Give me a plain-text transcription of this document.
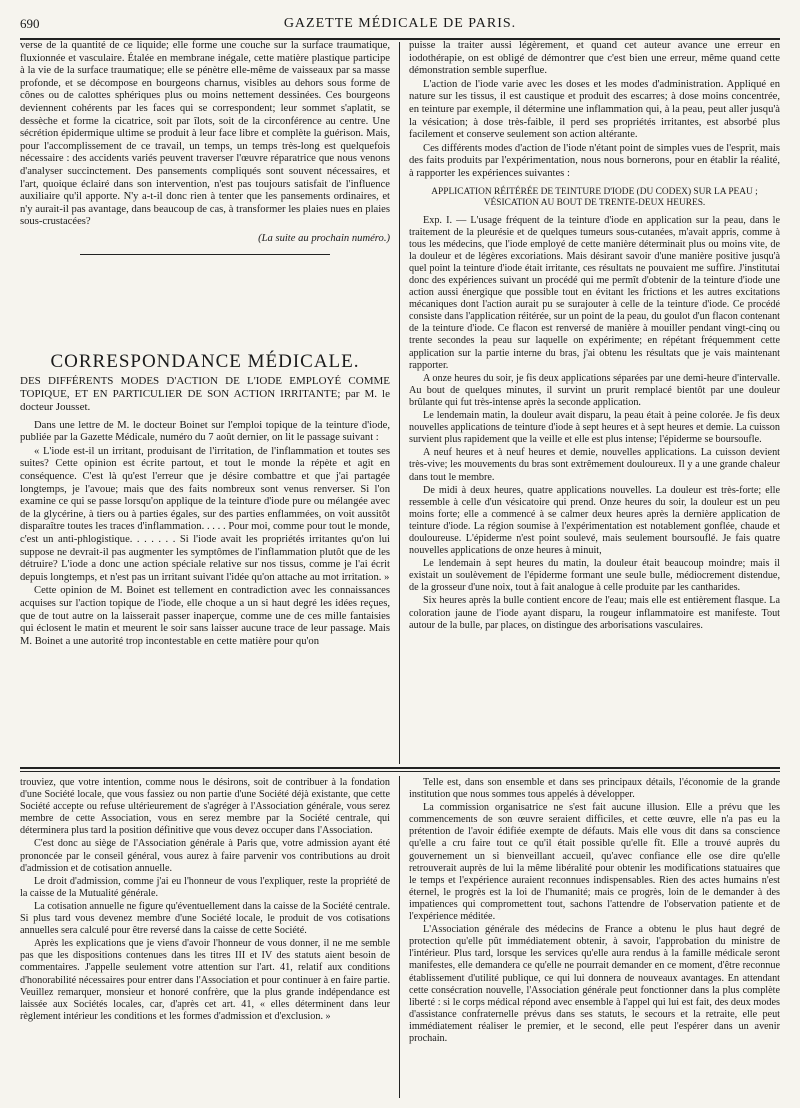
690	GAZETTE MÉDICALE DE PARIS.

verse de la quantité de ce liquide; elle forme une couche sur la surface traumatique, fluxionnée et vasculaire. Étalée en membrane inégale, cette matière plastique participe à la vie de la surface traumatique; elle se pénètre elle-même de vaisseaux par sa masse profonde, et se décompose en bourgeons charnus, visibles au dehors sous forme de cônes ou de calottes sphériques plus ou moins nettement dessinées. Ces bourgeons deviennent cohérents par les faces qui se correspondent; leur sommet s'aplatit, se dessèche et forme la cicatrice, soit par îlots, soit de la circonférence au centre. Une sécrétion épidermique ultime se produit à leur face libre et complète la guérison. Mais, pour l'accomplissement de ce travail, un temps, un temps très-long est quelquefois nécessaire : des accidents variés peuvent traverser l'œuvre réparatrice que nous venons d'analyser succinctement. Des pansements compliqués sont souvent nécessaires, et l'art, quoique éclairé dans son intervention, n'est pas toujours satisfait de l'influence auxiliaire qu'il apporte. N'y a-t-il donc rien à tenter que les pansements ordinaires, et n'y aurait-il pas avantage, dans beaucoup de cas, à transformer les plaies nues en plaies sous-crustacées?

(La suite au prochain numéro.)
CORRESPONDANCE MÉDICALE.
DES DIFFÉRENTS MODES D'ACTION DE L'IODE EMPLOYÉ COMME TOPIQUE, ET EN PARTICULIER DE SON ACTION IRRITANTE; par M. le docteur Jousset.

Dans une lettre de M. le docteur Boinet sur l'emploi topique de la teinture d'iode, publiée par la Gazette Médicale, numéro du 7 août dernier, on lit le passage suivant :

« L'iode est-il un irritant, produisant de l'irritation, de l'inflammation et toutes ses suites? Cette opinion est écrite partout, et tout le monde la répète et agit en conséquence. C'est là qu'est l'erreur que je désire combattre et que j'ai partagée longtemps, je l'avoue; mais que des faits nombreux sont venus renverser. Si l'on examine ce qui se passe lorsqu'on applique de la teinture d'iode pure ou mélangée avec de la glycérine, à tiers ou à parties égales, sur des parties enflammées, on voit aussitôt disparaître toutes les traces d'inflammation. . . . . Pour moi, comme pour tout le monde, c'est un anti-phlogistique. . . . . . . Si l'iode avait les propriétés irritantes qu'on lui suppose ne devrait-il pas augmenter les symptômes de l'inflammation plutôt que de les détruire? L'iode a donc une action spéciale relative sur nos tissus, comme je l'ai écrit depuis longtemps, et n'est pas un irritant suivant l'idée qu'on attache au mot irritation. »

Cette opinion de M. Boinet est tellement en contradiction avec les connaissances acquises sur l'action topique de l'iode, elle choque a un si haut degré les idées reçues, que de tout autre on la laisserait passer inaperçue, comme une de ces mille fantaisies qui éclosent le matin et meurent le soir sans laisser aucune trace de leur passage. Mais M. Boinet a une autorité trop incontestable en cette matière pour qu'on

puisse la traiter aussi légèrement, et quand cet auteur avance une erreur en iodothérapie, on est obligé de démontrer que c'est bien une erreur, même quand cette démonstration semble superflue.

L'action de l'iode varie avec les doses et les modes d'administration. Appliqué en nature sur les tissus, il est caustique et produit des escarres; à dose moins concentrée, en teinture par exemple, il détermine une inflammation qui, à la peau, peut aller jusqu'à la vésication; à dose très-faible, il perd ses propriétés irritantes, est absorbé plus facilement et conserve seulement son action altérante.

Ces différents modes d'action de l'iode n'étant point de simples vues de l'esprit, mais des faits produits par l'expérimentation, nous nous bornerons, pour en établir la réalité, à rapporter les expériences suivantes :

APPLICATION RÉITÉRÉE DE TEINTURE D'IODE (DU CODEX) SUR LA PEAU ; VÉSICATION AU BOUT DE TRENTE-DEUX HEURES.

Exp. I. — L'usage fréquent de la teinture d'iode en application sur la peau, dans le traitement de la pleurésie et de quelques tumeurs sous-cutanées, m'avait appris, comme à tous les médecins, que l'iode employé de cette manière déterminait plus ou moins vite, de la douleur et de légères excoriations. Mais désirant savoir d'une manière positive jusqu'à quel point la teinture d'iode était irritante, ces résultats ne pouvaient me suffire. J'institutai donc des expériences suivant un procédé qui me permît d'obtenir de la teinture d'iode une action aussi énergique que possible tout en évitant les frictions et les autres excitations mécaniques dont l'action aurait pu se surajouter à celle de la teinture d'iode. Ce procédé consiste dans l'application réitérée, sur un point de la peau, du goulot d'un flacon contenant de la teinture d'iode. Ce flacon est renversé de manière à mouiller pendant vingt-cinq ou trente secondes la peau sur laquelle on expérimente; en répétant fréquemment cette application sur la partie interne du bras, j'ai obtenu les résultats que je vais maintenant rapporter.

A onze heures du soir, je fis deux applications séparées par une demi-heure d'intervalle. Au bout de quelques minutes, il survint un prurit remplacé bientôt par une douleur brûlante qui fut très-intense après la seconde application.

Le lendemain matin, la douleur avait disparu, la peau était à peine colorée. Je fis deux nouvelles applications de teinture d'iode à sept heures et à sept heures et demie. La cuisson survient plus rapidement que la veille et elle est plus intense; l'épiderme se boursoufle.

A neuf heures et à neuf heures et demie, nouvelles applications. La cuisson devient très-vive; les mouvements du bras sont extrêmement douloureux. Il y a une grande chaleur dans tout le membre.

De midi à deux heures, quatre applications nouvelles. La douleur est très-forte; elle ressemble à celle d'un vésicatoire qui prend. Onze heures du soir, la douleur est un peu moins forte; elle a commencé à se calmer deux heures après la dernière application de teinture d'iode. La région soumise à l'expérimentation est notablement gonflée, chaude et douloureuse. L'épiderme n'est point soulevé, mais seulement boursouflé. Je fais quatre nouvelles applications de onze heures à minuit,

Le lendemain à sept heures du matin, la douleur était beaucoup moindre; mais il existait un soulèvement de l'épiderme formant une seule bulle, médiocrement distendue, de la grosseur d'une noix, tout à fait analogue à celle produite par les cantharides.

Six heures après la bulle contient encore de l'eau; mais elle est entièrement flasque. La coloration jaune de l'iode ayant disparu, la rougeur inflammatoire est manifeste. Tout autour de la bulle, par places, on distingue des arborisations vasculaires.

trouviez, que votre intention, comme nous le désirons, soit de contribuer à la fondation d'une Société locale, que vous fassiez ou non partie d'une Société déjà existante, que cette Société accepte ou refuse ultérieurement de s'agréger à l'Association générale, vous serez membre de cette Association, vous en serez membre par la Société centrale, qui déterminera plus tard la position définitive que vous devez occuper dans l'Association.

C'est donc au siège de l'Association générale à Paris que, votre admission ayant été prononcée par le conseil général, vous aurez à faire parvenir vos contributions au droit d'admission et de cotisation annuelle.

Le droit d'admission, comme j'ai eu l'honneur de vous l'expliquer, reste la propriété de la caisse de la Mutualité générale.

La cotisation annuelle ne figure qu'éventuellement dans la caisse de la Société centrale. Si plus tard vous devenez membre d'une Société locale, le produit de vos cotisations annuelles sera calculé pour être reversé dans la caisse de cette Société.

Après les explications que je viens d'avoir l'honneur de vous donner, il ne me semble pas que les dispositions contenues dans les titres III et IV des statuts aient besoin de commentaires. J'appelle seulement votre attention sur l'art. 41, relatif aux conditions d'honorabilité nécessaires pour entrer dans l'Association et pour continuer à en faire partie. Veuillez remarquer, monsieur et honoré confrère, que la plus grande indépendance est laissée aux Sociétés locales, car, d'après cet art. 41, « elles déterminent dans leur règlement intérieur les conditions et les formes d'admission et d'exclusion. »

Telle est, dans son ensemble et dans ses principaux détails, l'économie de la grande institution que nous sommes tous appelés à développer.

La commission organisatrice ne s'est fait aucune illusion. Elle a prévu que les commencements de son œuvre seraient difficiles, et cette œuvre, elle n'a pas eu la prétention de l'avoir édifiée exempte de défauts. Mais elle vous dit dans sa conscience qu'elle a cru faire tout ce qu'il était possible qu'elle fît. Elle a trouvé auprès du gouvernement un si bienveillant accueil, qu'avec confiance elle ose dire qu'elle retrouverait auprès de lui la même libéralité pour obtenir les modifications statuaires que le temps et l'expérience auraient reconnues indispensables. Rien des actes humains n'est éternel, le progrès est la loi de l'humanité; mais ce progrès, loin de le demander à des impatiences qui compromettent tout, sachons l'attendre de l'observation patiente et de l'expérience méditée.

L'Association générale des médecins de France a obtenu le plus haut degré de protection qu'elle pût immédiatement obtenir, à savoir, l'approbation du ministre de l'intérieur. Plus tard, lorsque les services qu'elle aura rendus à la famille médicale seront manifestes, elle demandera ce qu'elle ne pourrait demander en ce moment, d'être reconnue établissement d'utilité publique, ce qui lui donnera de nouveaux avantages. En attendant cette consécration nouvelle, l'Association générale peut fonctionner dans la plus complète liberté : si le corps médical répond avec ensemble à l'appel qui lui est fait, des deux modes d'assistance confraternelle prévus dans ses statuts, le secours et la retraite, elle peut immédiatement réaliser le premier, et le second, elle peut l'espérer dans un avenir prochain.
